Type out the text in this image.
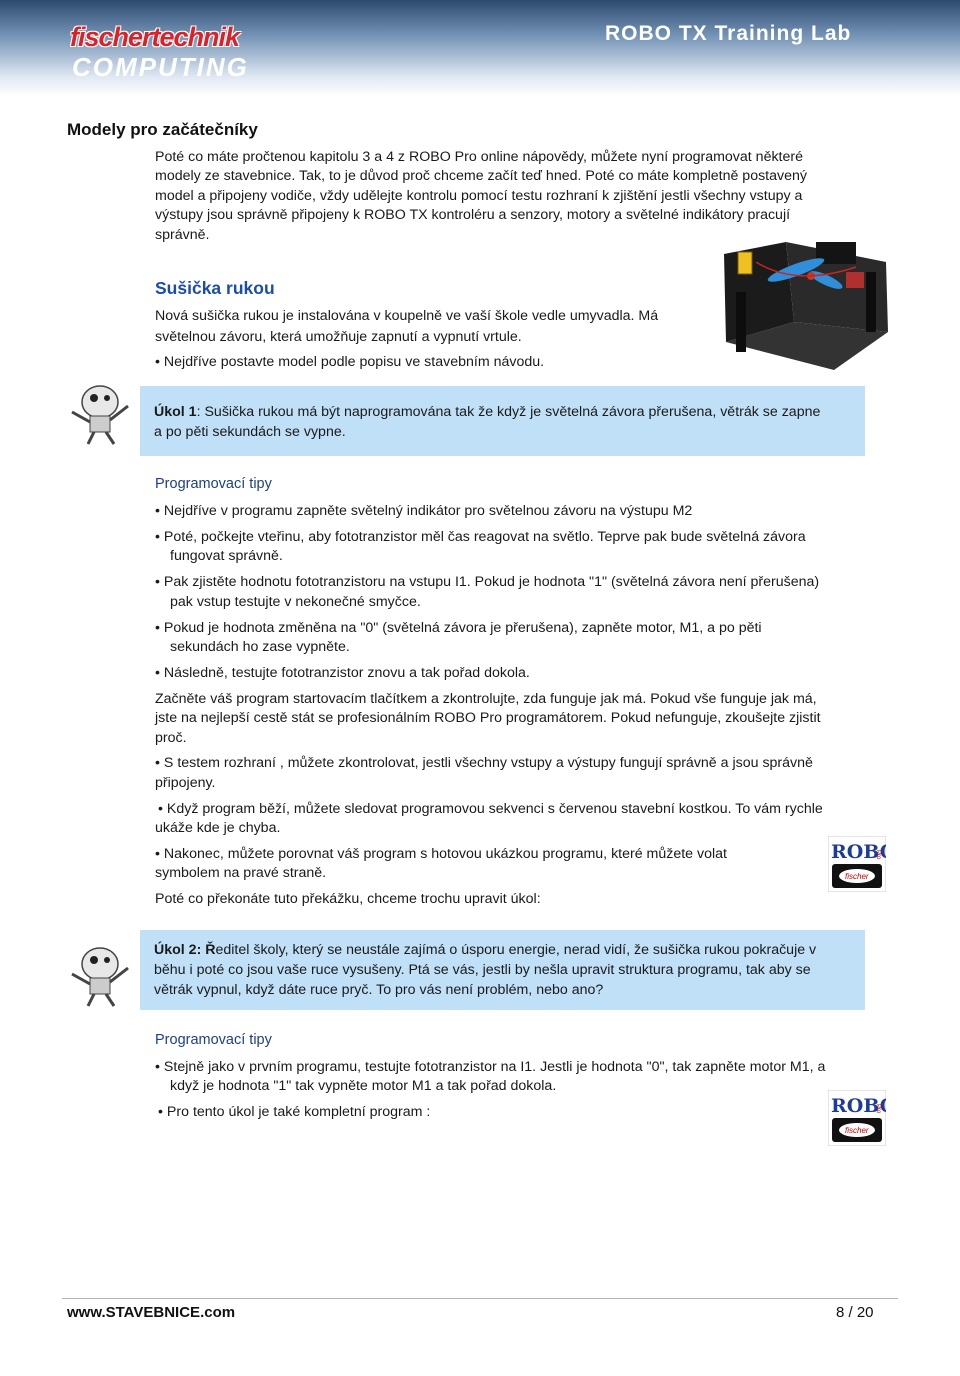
fischertechnik
COMPUTING
ROBO TX Training Lab
Modely pro začátečníky

Poté co máte pročtenou kapitolu 3 a 4 z ROBO Pro online nápovědy, můžete nyní programovat některé

modely ze stavebnice. Tak, to je důvod proč chceme začít teď hned. Poté co máte kompletně postavený

model a připojeny vodiče, vždy udělejte kontrolu pomocí testu rozhraní k zjištění jestli všechny vstupy a

výstupy jsou správně připojeny k ROBO TX kontroléru a senzory, motory a světelné indikátory pracují

správně.

Sušička rukou

Nová sušička rukou je instalována v koupelně ve vaší škole vedle umyvadla. Má

světelnou závoru, která umožňuje zapnutí a vypnutí vrtule.

• Nejdříve postavte model podle popisu ve stavebním návodu.

Úkol 1: Sušička rukou má být naprogramována tak že když je světelná závora přerušena, větrák se zapne
a po pěti sekundách se vypne.
Programovací tipy

• Nejdříve v programu zapněte světelný indikátor pro světelnou závoru na výstupu M2

• Poté, počkejte vteřinu, aby fototranzistor měl čas reagovat na světlo. Teprve pak bude světelná závora

fungovat správně.

• Pak zjistěte hodnotu fototranzistoru na vstupu I1. Pokud je hodnota "1" (světelná závora není přerušena)

pak vstup testujte v nekonečné smyčce.

• Pokud je hodnota změněna na "0" (světelná závora je přerušena), zapněte motor, M1, a po pěti

sekundách ho zase vypněte.

• Následně, testujte fototranzistor znovu a tak pořad dokola.

Začněte váš program startovacím tlačítkem a zkontrolujte, zda funguje jak má. Pokud vše funguje jak má,

jste na nejlepší cestě stát se profesionálním ROBO Pro programátorem. Pokud nefunguje, zkoušejte zjistit

proč.

• S testem rozhraní , můžete zkontrolovat, jestli všechny vstupy a výstupy fungují správně a jsou správně

připojeny.

• Když program běží, můžete sledovat programovou sekvenci s červenou stavební kostkou. To vám rychle

ukáže kde je chyba.

• Nakonec, můžete porovnat váš program s hotovou ukázkou programu, které můžete volat

symbolem na pravé straně.

Poté co překonáte tuto překážku, chceme trochu upravit úkol:

ROB
Pro
fischer
Úkol 2: Ředitel školy, který se neustále zajímá o úsporu energie, nerad vidí, že sušička rukou pokračuje v
běhu i poté co jsou vaše ruce vysušeny. Ptá se vás, jestli by nešla upravit struktura programu, tak aby se
větrák vypnul, když dáte ruce pryč. To pro vás není problém, nebo ano?
Programovací tipy

• Stejně jako v prvním programu, testujte fototranzistor na I1. Jestli je hodnota "0", tak zapněte motor M1, a

když je hodnota "1" tak vypněte motor M1 a tak pořad dokola.

• Pro tento úkol je také kompletní program :	ROB
Pro
fischer
www.STAVEBNICE.com	8 / 20
